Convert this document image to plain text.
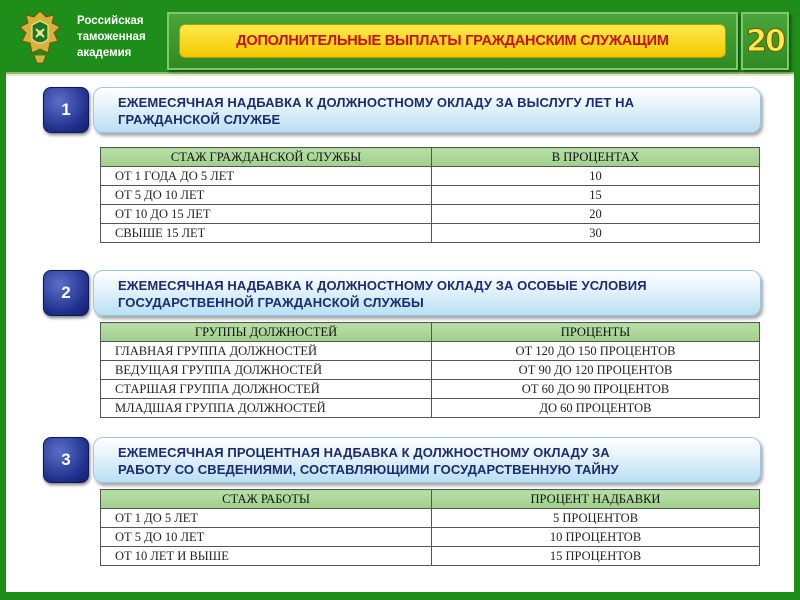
Российская
таможенная
академия
ДОПОЛНИТЕЛЬНЫЕ ВЫПЛАТЫ ГРАЖДАНСКИМ СЛУЖАЩИМ	20
1	ЕЖЕМЕСЯЧНАЯ НАДБАВКА К ДОЛЖНОСТНОМУ ОКЛАДУ ЗА ВЫСЛУГУ ЛЕТ НА
ГРАЖДАНСКОЙ СЛУЖБЕ
СТАЖ ГРАЖДАНСКОЙ СЛУЖБЫ	В ПРОЦЕНТАХ
ОТ 1 ГОДА ДО 5 ЛЕТ	10
ОТ 5 ДО 10 ЛЕТ	15
ОТ 10 ДО 15 ЛЕТ	20
СВЫШЕ 15 ЛЕТ	30
2	ЕЖЕМЕСЯЧНАЯ НАДБАВКА К ДОЛЖНОСТНОМУ ОКЛАДУ ЗА ОСОБЫЕ УСЛОВИЯ
ГОСУДАРСТВЕННОЙ ГРАЖДАНСКОЙ СЛУЖБЫ
ГРУППЫ ДОЛЖНОСТЕЙ	ПРОЦЕНТЫ
ГЛАВНАЯ ГРУППА ДОЛЖНОСТЕЙ	ОТ 120 ДО 150 ПРОЦЕНТОВ
ВЕДУЩАЯ ГРУППА ДОЛЖНОСТЕЙ	ОТ 90 ДО 120 ПРОЦЕНТОВ
СТАРШАЯ ГРУППА ДОЛЖНОСТЕЙ	ОТ 60 ДО 90 ПРОЦЕНТОВ
МЛАДШАЯ ГРУППА ДОЛЖНОСТЕЙ	ДО 60 ПРОЦЕНТОВ
3	ЕЖЕМЕСЯЧНАЯ ПРОЦЕНТНАЯ НАДБАВКА К ДОЛЖНОСТНОМУ ОКЛАДУ ЗА
РАБОТУ СО СВЕДЕНИЯМИ, СОСТАВЛЯЮЩИМИ ГОСУДАРСТВЕННУЮ ТАЙНУ
СТАЖ РАБОТЫ	ПРОЦЕНТ НАДБАВКИ
ОТ 1 ДО 5 ЛЕТ	5 ПРОЦЕНТОВ
ОТ 5 ДО 10 ЛЕТ	10 ПРОЦЕНТОВ
ОТ 10 ЛЕТ И ВЫШЕ	15 ПРОЦЕНТОВ
